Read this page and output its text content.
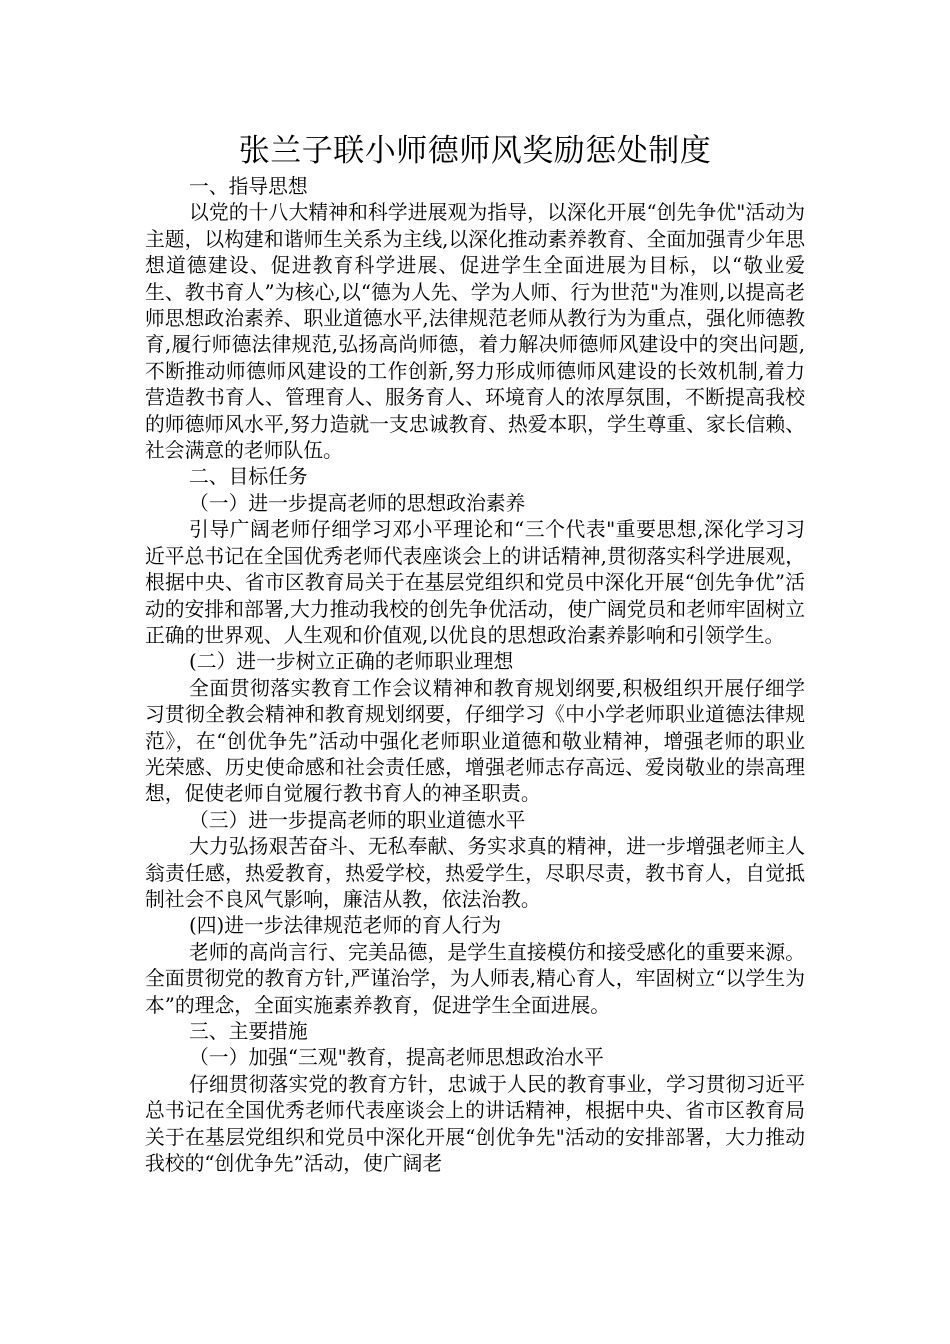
张兰子联小师德师风奖励惩处制度

一、指导思想

以党的十八大精神和科学进展观为指导，以深化开展“创先争优"活动为主题，以构建和谐师生关系为主线,以深化推动素养教育、全面加强青少年思想道德建设、促进教育科学进展、促进学生全面进展为目标，以“敬业爱生、教书育人”为核心,以“德为人先、学为人师、行为世范"为准则,以提高老师思想政治素养、职业道德水平,法律规范老师从教行为为重点，强化师德教育,履行师德法律规范,弘扬高尚师德，着力解决师德师风建设中的突出问题,不断推动师德师风建设的工作创新,努力形成师德师风建设的长效机制,着力营造教书育人、管理育人、服务育人、环境育人的浓厚氛围，不断提高我校的师德师风水平,努力造就一支忠诚教育、热爱本职，学生尊重、家长信赖、社会满意的老师队伍。

二、目标任务

（一）进一步提高老师的思想政治素养

引导广阔老师仔细学习邓小平理论和“三个代表"重要思想,深化学习习近平总书记在全国优秀老师代表座谈会上的讲话精神,贯彻落实科学进展观，根据中央、省市区教育局关于在基层党组织和党员中深化开展“创先争优”活动的安排和部署,大力推动我校的创先争优活动，使广阔党员和老师牢固树立正确的世界观、人生观和价值观,以优良的思想政治素养影响和引领学生。

(二）进一步树立正确的老师职业理想

全面贯彻落实教育工作会议精神和教育规划纲要,积极组织开展仔细学习贯彻全教会精神和教育规划纲要，仔细学习《中小学老师职业道德法律规范》，在“创优争先”活动中强化老师职业道德和敬业精神，增强老师的职业光荣感、历史使命感和社会责任感，增强老师志存高远、爱岗敬业的崇高理想，促使老师自觉履行教书育人的神圣职责。

（三）进一步提高老师的职业道德水平

大力弘扬艰苦奋斗、无私奉献、务实求真的精神，进一步增强老师主人翁责任感，热爱教育，热爱学校，热爱学生，尽职尽责，教书育人，自觉抵制社会不良风气影响，廉洁从教，依法治教。

(四)进一步法律规范老师的育人行为

老师的高尚言行、完美品德，是学生直接模仿和接受感化的重要来源。全面贯彻党的教育方针,严谨治学，为人师表,精心育人，牢固树立“以学生为本”的理念，全面实施素养教育，促进学生全面进展。

三、主要措施

（一）加强“三观"教育，提高老师思想政治水平

仔细贯彻落实党的教育方针，忠诚于人民的教育事业，学习贯彻习近平总书记在全国优秀老师代表座谈会上的讲话精神，根据中央、省市区教育局关于在基层党组织和党员中深化开展“创优争先"活动的安排部署，大力推动我校的“创优争先”活动，使广阔老
